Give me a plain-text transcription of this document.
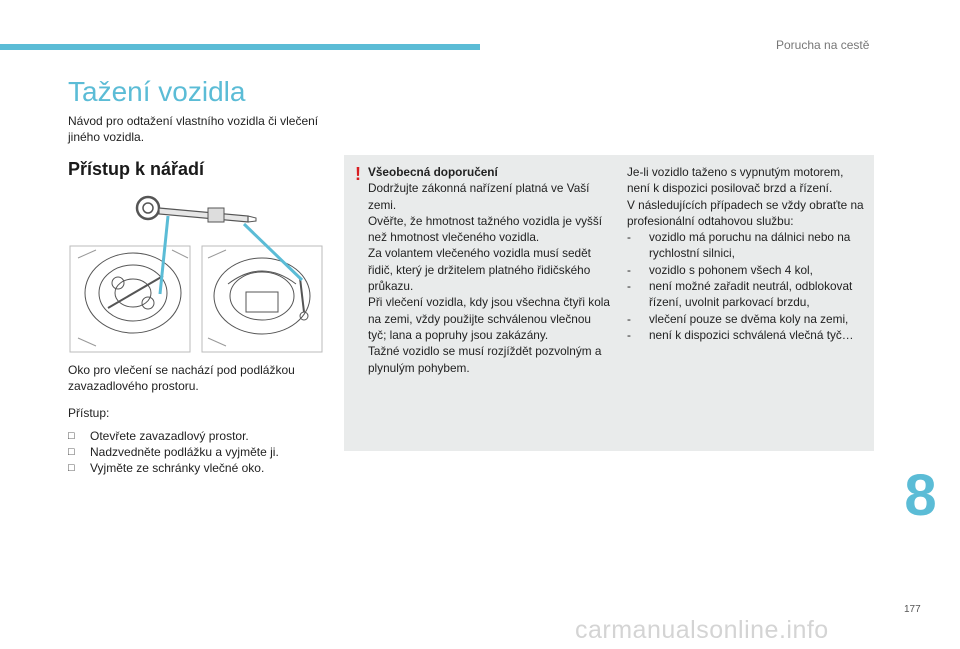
Porucha na cestě
Tažení vozidla
Návod pro odtažení vlastního vozidla či vlečení jiného vozidla.
Přístup k nářadí
Oko pro vlečení se nachází pod podlážkou zavazadlového prostoru.
Přístup:
□	Otevřete zavazadlový prostor.
□	Nadzvedněte podlážku a vyjměte ji.
□	Vyjměte ze schránky vlečné oko.
! Všeobecná doporučení
Dodržujte zákonná nařízení platná ve Vaší zemi.
Ověřte, že hmotnost tažného vozidla je vyšší než hmotnost vlečeného vozidla.
Za volantem vlečeného vozidla musí sedět řidič, který je držitelem platného řidičského průkazu.
Při vlečení vozidla, kdy jsou všechna čtyři kola na zemi, vždy použijte schválenou vlečnou tyč; lana a popruhy jsou zakázány.
Tažné vozidlo se musí rozjíždět pozvolným a plynulým pohybem.
Je-li vozidlo taženo s vypnutým motorem, není k dispozici posilovač brzd a řízení.
V následujících případech se vždy obraťte na profesionální odtahovou službu:
-	vozidlo má poruchu na dálnici nebo na rychlostní silnici,
-	vozidlo s pohonem všech 4 kol,
-	není možné zařadit neutrál, odblokovat řízení, uvolnit parkovací brzdu,
-	vlečení pouze se dvěma koly na zemi,
-	není k dispozici schválená vlečná tyč…
8
177
carmanualsonline.info
